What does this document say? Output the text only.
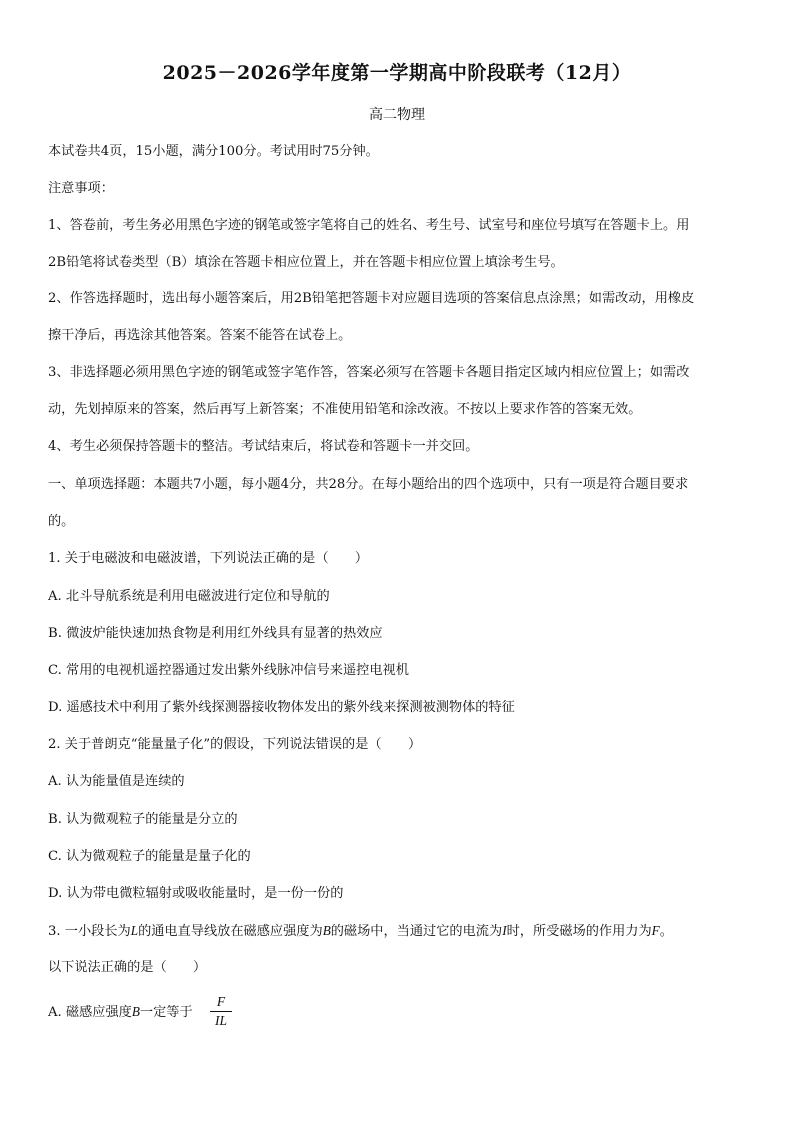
2025－2026学年度第一学期高中阶段联考（12月）
高二物理
本试卷共4页，15小题，满分100分。考试用时75分钟。
注意事项：
1、答卷前，考生务必用黑色字迹的钢笔或签字笔将自己的姓名、考生号、试室号和座位号填写在答题卡上。用
2B铅笔将试卷类型（B）填涂在答题卡相应位置上，并在答题卡相应位置上填涂考生号。
2、作答选择题时，选出每小题答案后，用2B铅笔把答题卡对应题目选项的答案信息点涂黑；如需改动，用橡皮
擦干净后，再选涂其他答案。答案不能答在试卷上。
3、非选择题必须用黑色字迹的钢笔或签字笔作答，答案必须写在答题卡各题目指定区域内相应位置上；如需改
动，先划掉原来的答案，然后再写上新答案；不准使用铅笔和涂改液。不按以上要求作答的答案无效。
4、考生必须保持答题卡的整洁。考试结束后，将试卷和答题卡一并交回。
一、单项选择题：本题共7小题，每小题4分，共28分。在每小题给出的四个选项中，只有一项是符合题目要求
的。
1. 关于电磁波和电磁波谱，下列说法正确的是（　　）
A. 北斗导航系统是利用电磁波进行定位和导航的
B. 微波炉能快速加热食物是利用红外线具有显著的热效应
C. 常用的电视机遥控器通过发出紫外线脉冲信号来遥控电视机
D. 遥感技术中利用了紫外线探测器接收物体发出的紫外线来探测被测物体的特征
2. 关于普朗克“能量量子化”的假设，下列说法错误的是（　　）
A. 认为能量值是连续的
B. 认为微观粒子的能量是分立的
C. 认为微观粒子的能量是量子化的
D. 认为带电微粒辐射或吸收能量时，是一份一份的
3. 一小段长为L的通电直导线放在磁感应强度为B的磁场中，当通过它的电流为I时，所受磁场的作用力为F。
以下说法正确的是（　　）
A. 磁感应强度B一定等于
F
IL
